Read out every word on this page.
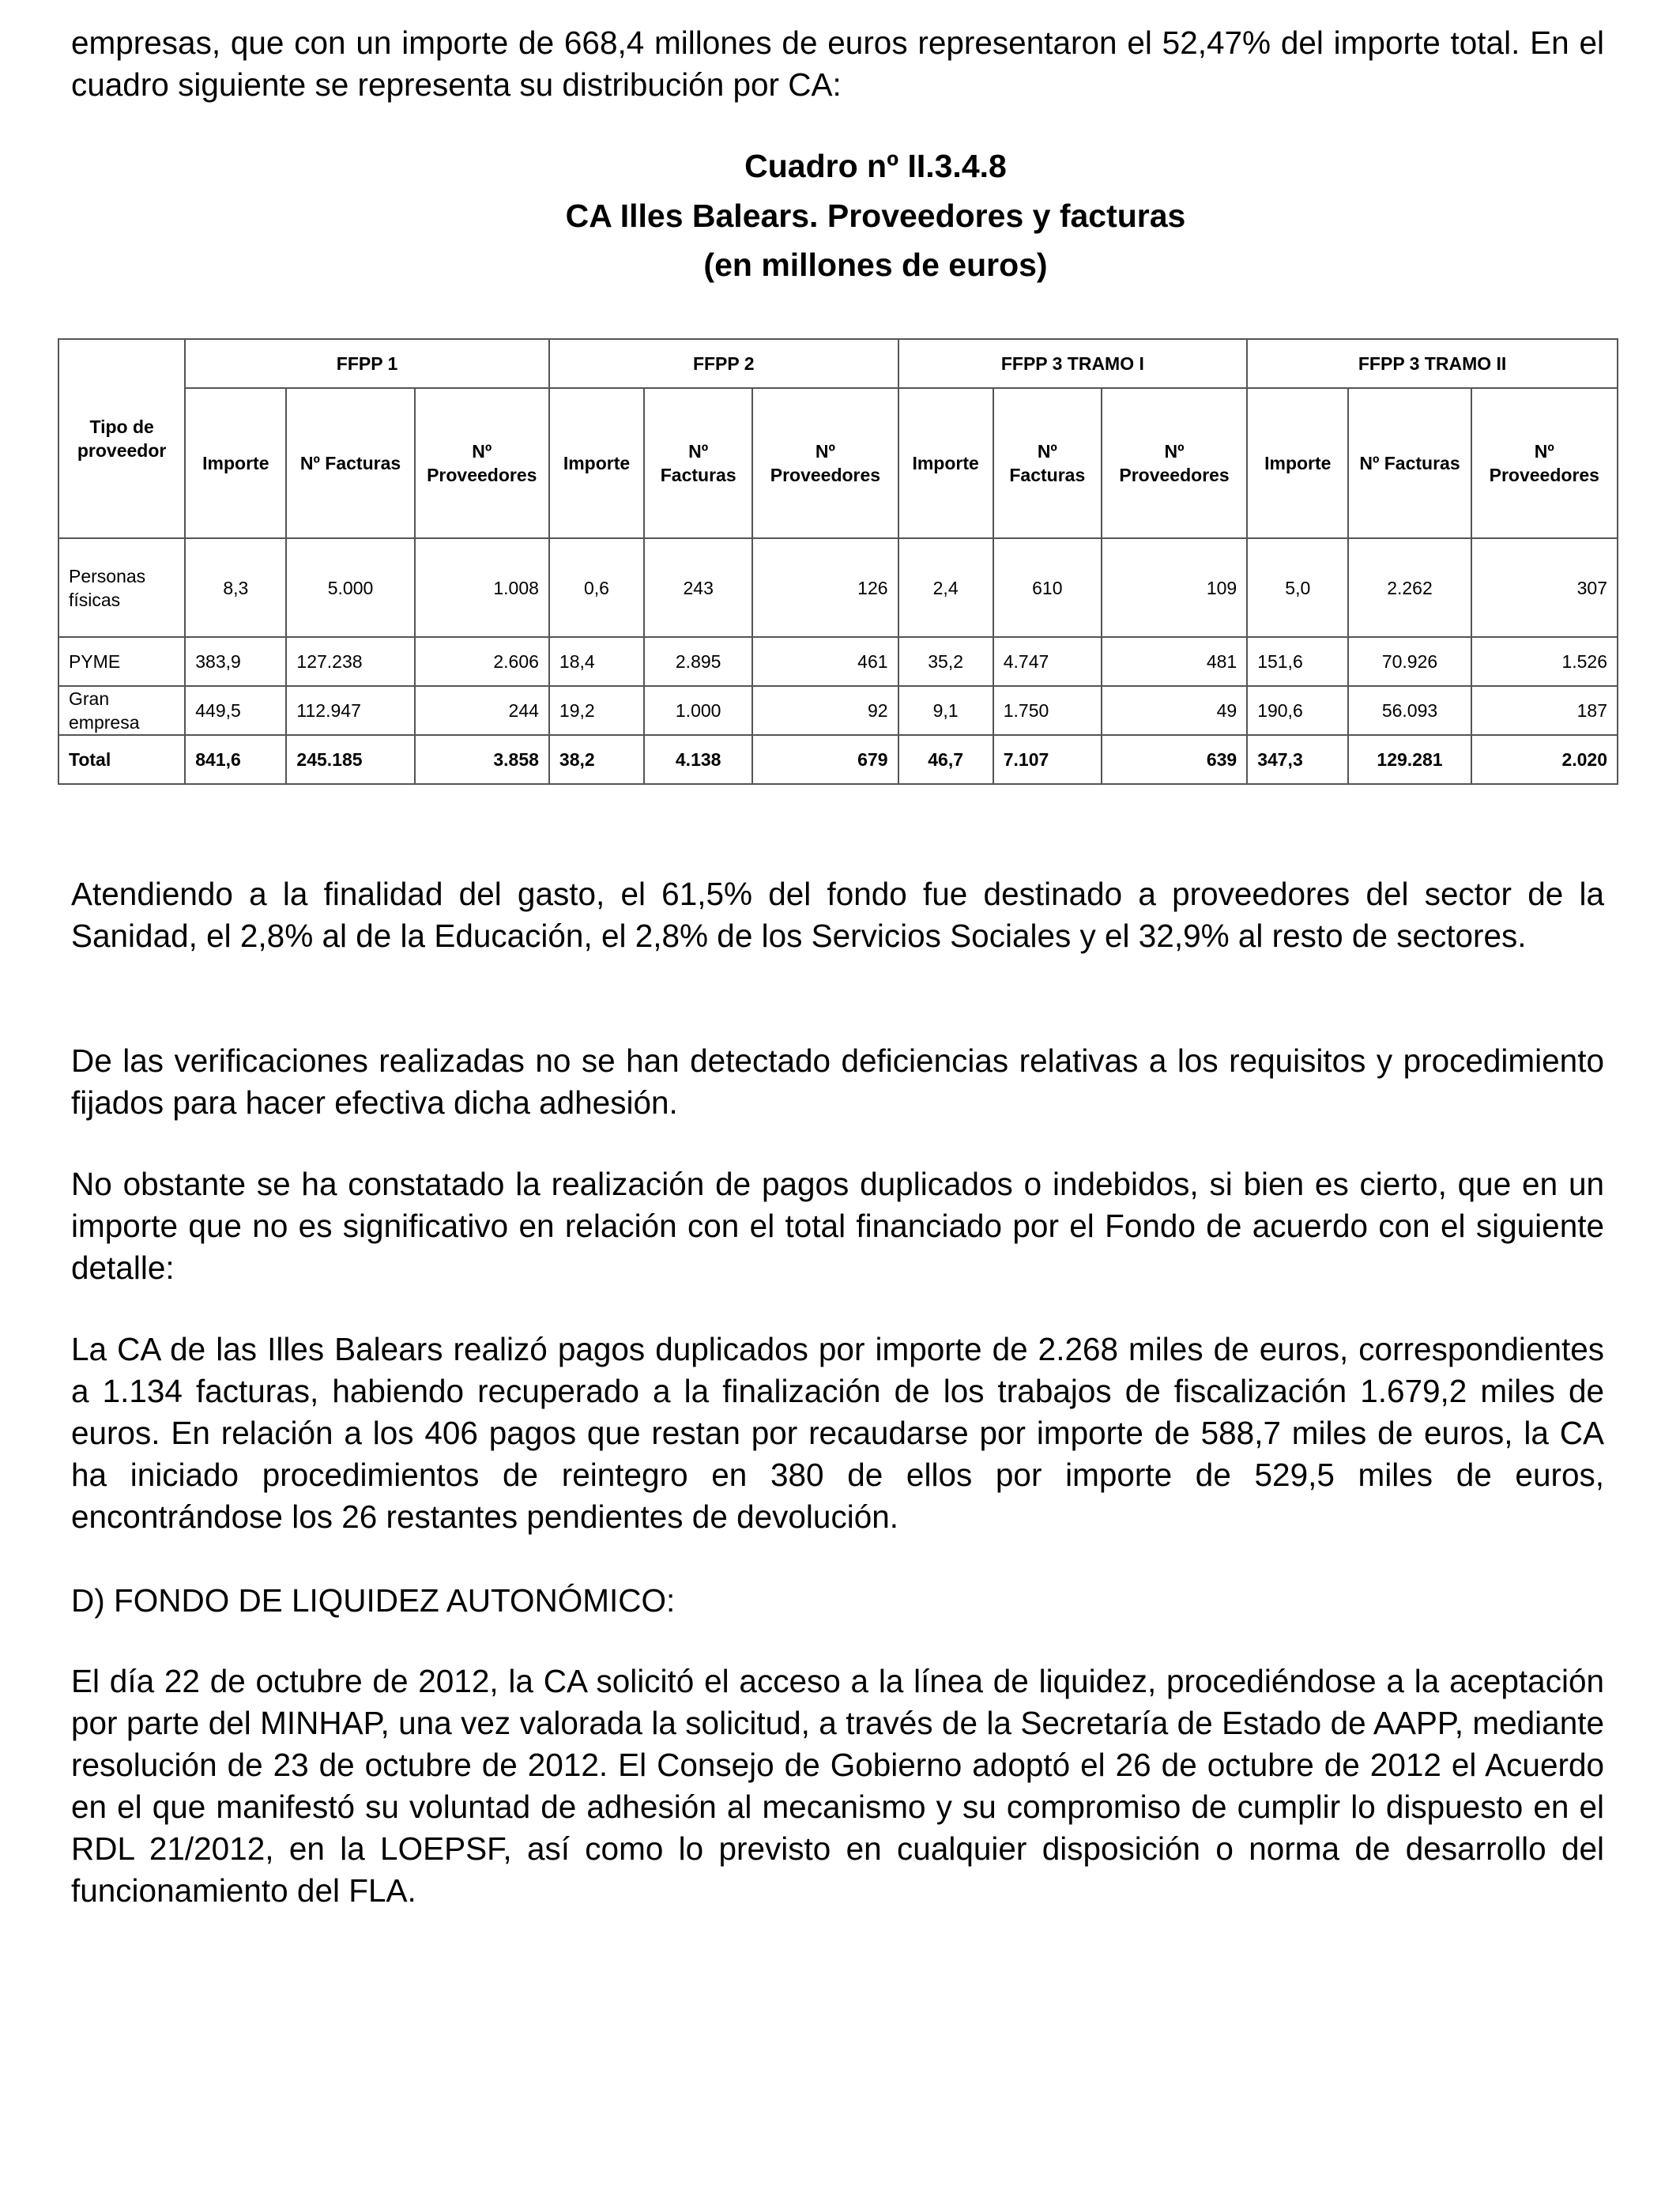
empresas, que con un importe de 668,4 millones de euros representaron el 52,47% del importe total. En el cuadro siguiente se representa su distribución por CA:

Cuadro nº II.3.4.8

CA Illes Balears. Proveedores y facturas

(en millones de euros)

Tipo de proveedor	FFPP 1			FFPP 2			FFPP 3 TRAMO I			FFPP 3 TRAMO II		
	Importe	Nº Facturas	Nº Proveedores	Importe	Nº Facturas	Nº Proveedores	Importe	Nº Facturas	Nº Proveedores	Importe	Nº Facturas	Nº Proveedores
Personas físicas	8,3	5.000	1.008	0,6	243	126	2,4	610	109	5,0	2.262	307
PYME	383,9	127.238	2.606	18,4	2.895	461	35,2	4.747	481	151,6	70.926	1.526
Gran empresa	449,5	112.947	244	19,2	1.000	92	9,1	1.750	49	190,6	56.093	187
Total	841,6	245.185	3.858	38,2	4.138	679	46,7	7.107	639	347,3	129.281	2.020

Atendiendo a la finalidad del gasto, el 61,5% del fondo fue destinado a proveedores del sector de la Sanidad, el 2,8% al de la Educación, el 2,8% de los Servicios Sociales y el 32,9% al resto de sectores.

De las verificaciones realizadas no se han detectado deficiencias relativas a los requisitos y procedimiento fijados para hacer efectiva dicha adhesión.

No obstante se ha constatado la realización de pagos duplicados o indebidos, si bien es cierto, que en un importe que no es significativo en relación con el total financiado por el Fondo de acuerdo con el siguiente detalle:

La CA de las Illes Balears realizó pagos duplicados por importe de 2.268 miles de euros, correspondientes a 1.134 facturas, habiendo recuperado a la finalización de los trabajos de fiscalización 1.679,2 miles de euros. En relación a los 406 pagos que restan por recaudarse por importe de 588,7 miles de euros, la CA ha iniciado procedimientos de reintegro en 380 de ellos por importe de 529,5 miles de euros, encontrándose los 26 restantes pendientes de devolución.

D) FONDO DE LIQUIDEZ AUTONÓMICO:

El día 22 de octubre de 2012, la CA solicitó el acceso a la línea de liquidez, procediéndose a la aceptación por parte del MINHAP, una vez valorada la solicitud, a través de la Secretaría de Estado de AAPP, mediante resolución de 23 de octubre de 2012. El Consejo de Gobierno adoptó el 26 de octubre de 2012 el Acuerdo en el que manifestó su voluntad de adhesión al mecanismo y su compromiso de cumplir lo dispuesto en el RDL 21/2012, en la LOEPSF, así como lo previsto en cualquier disposición o norma de desarrollo del funcionamiento del FLA.
